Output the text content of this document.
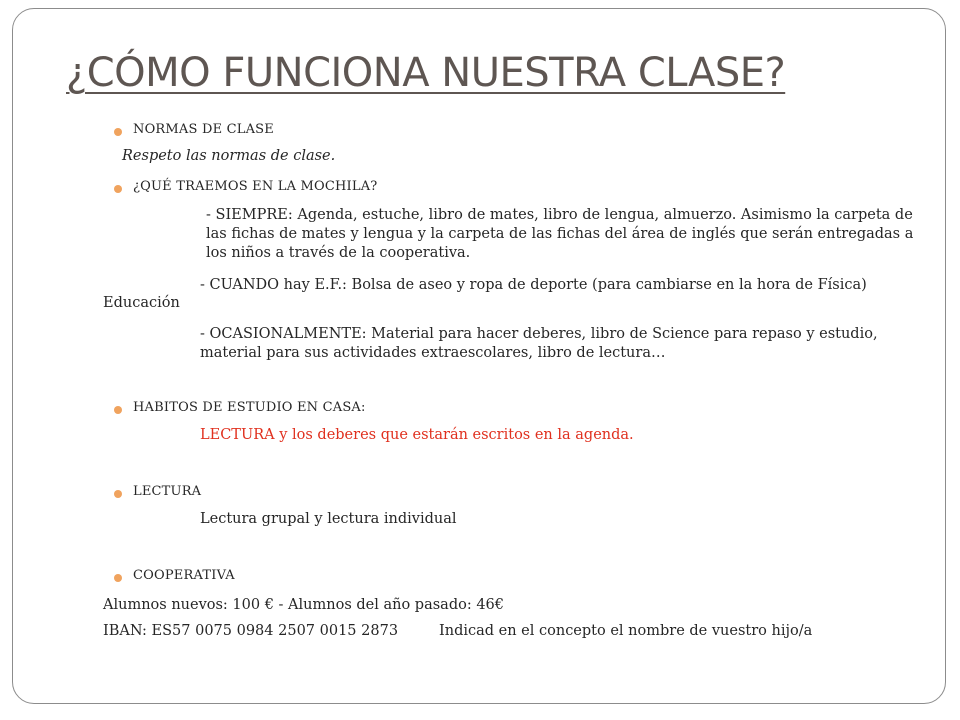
¿CÓMO FUNCIONA NUESTRA CLASE?
NORMAS DE CLASE
Respeto las normas de clase.
¿QUÉ TRAEMOS EN LA MOCHILA?
- SIEMPRE: Agenda, estuche, libro de mates, libro de lengua, almuerzo. Asimismo la carpeta de las fichas de mates y lengua y la carpeta de las fichas del área de inglés que serán entregadas a los niños a través de la cooperativa.
Educación
- CUANDO hay E.F.: Bolsa de aseo y ropa de deporte (para cambiarse en la hora de Física)
- OCASIONALMENTE: Material para hacer deberes, libro de Science para repaso y estudio, material para sus actividades extraescolares, libro de lectura…
HABITOS DE ESTUDIO EN CASA:
LECTURA y los deberes que estarán escritos en la agenda.
LECTURA
Lectura grupal y lectura individual
COOPERATIVA
Alumnos nuevos: 100 € - Alumnos del año pasado: 46€
IBAN: ES57 0075 0984 2507 0015 2873	Indicad en el concepto el nombre de vuestro hijo/a
